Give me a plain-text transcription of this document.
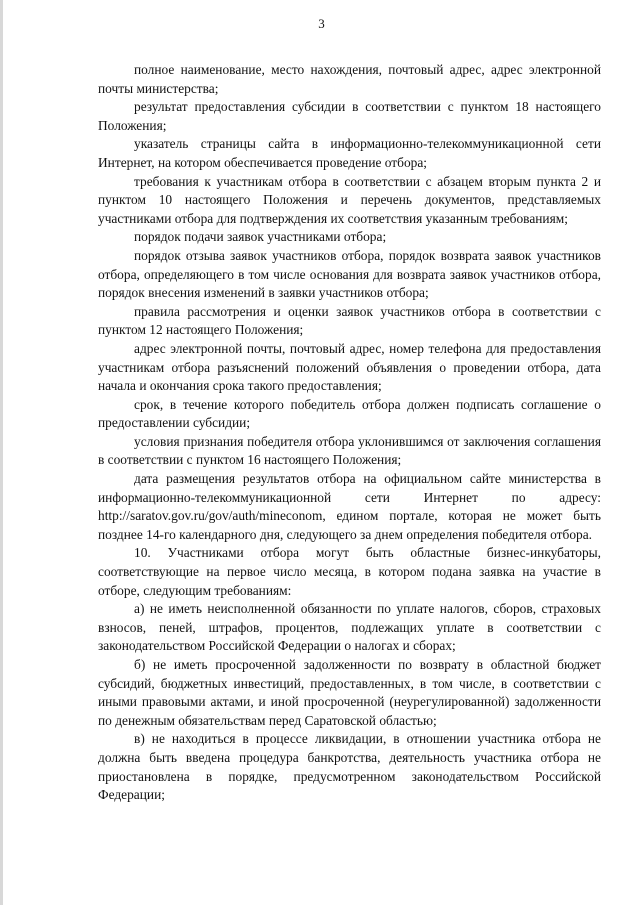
3

полное наименование, место нахождения, почтовый адрес, адрес электронной почты министерства;

результат предоставления субсидии в соответствии с пунктом 18 настоящего Положения;

указатель страницы сайта в информационно-телекоммуникационной сети Интернет, на котором обеспечивается проведение отбора;

требования к участникам отбора в соответствии с абзацем вторым пункта 2 и пунктом 10 настоящего Положения и перечень документов, представляемых участниками отбора для подтверждения их соответствия указанным требованиям;

порядок подачи заявок участниками отбора;

порядок отзыва заявок участников отбора, порядок возврата заявок участников отбора, определяющего в том числе основания для возврата заявок участников отбора, порядок внесения изменений в заявки участников отбора;

правила рассмотрения и оценки заявок участников отбора в соответствии с пунктом 12 настоящего Положения;

адрес электронной почты, почтовый адрес, номер телефона для предоставления участникам отбора разъяснений положений объявления о проведении отбора, дата начала и окончания срока такого предоставления;

срок, в течение которого победитель отбора должен подписать соглашение о предоставлении субсидии;

условия признания победителя отбора уклонившимся от заключения соглашения в соответствии с пунктом 16 настоящего Положения;

дата размещения результатов отбора на официальном сайте министерства в информационно-телекоммуникационной сети Интернет по адресу: http://saratov.gov.ru/gov/auth/mineconom, едином портале, которая не может быть позднее 14-го календарного дня, следующего за днем определения победителя отбора.

10. Участниками отбора могут быть областные бизнес-инкубаторы, соответствующие на первое число месяца, в котором подана заявка на участие в отборе, следующим требованиям:

а) не иметь неисполненной обязанности по уплате налогов, сборов, страховых взносов, пеней, штрафов, процентов, подлежащих уплате в соответствии с законодательством Российской Федерации о налогах и сборах;

б) не иметь просроченной задолженности по возврату в областной бюджет субсидий, бюджетных инвестиций, предоставленных, в том числе, в соответствии с иными правовыми актами, и иной просроченной (неурегулированной) задолженности по денежным обязательствам перед Саратовской областью;

в) не находиться в процессе ликвидации, в отношении участника отбора не должна быть введена процедура банкротства, деятельность участника отбора не приостановлена в порядке, предусмотренном законодательством Российской Федерации;
